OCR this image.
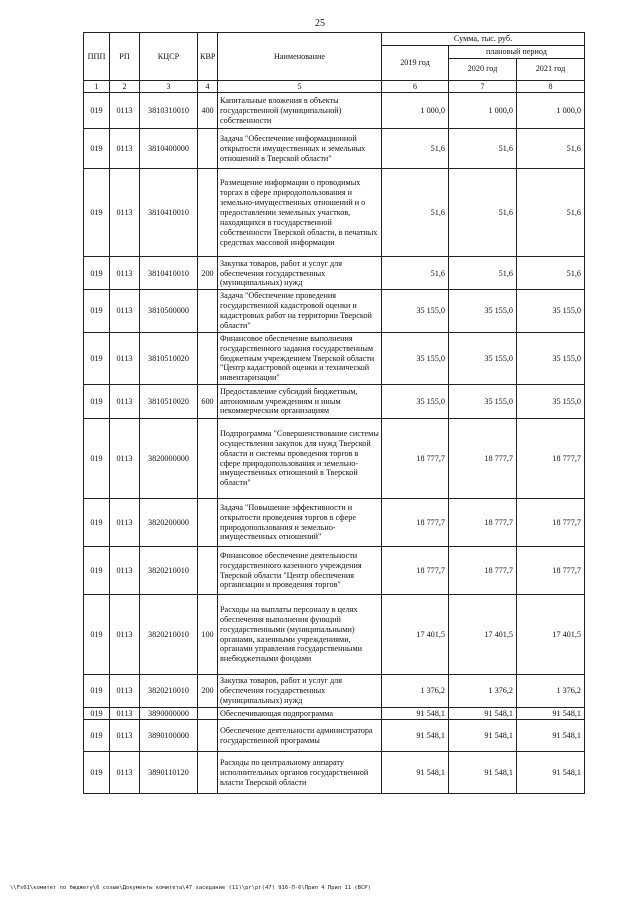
25
ППП	РП	КЦСР	КВР	Наименование	Сумма, тыс. руб.		
					2019 год	плановый период	
						2020 год	2021 год
1	2	3	4	5	6	7	8
019	0113	3810310010	400	Капитальные вложения в объекты государственной (муниципальной) собственности	1 000,0	1 000,0	1 000,0
019	0113	3810400000		Задача "Обеспечение информационной открытости имущественных и земельных отношений в Тверской области"	51,6	51,6	51,6
019	0113	3810410010		Размещение информации о проводимых торгах в сфере природопользования и земельно-имущественных отношений и о предоставлении земельных участков, находящихся в государственной собственности Тверской области, в печатных средствах массовой информации	51,6	51,6	51,6
019	0113	3810410010	200	Закупка товаров, работ и услуг для обеспечения государственных (муниципальных) нужд	51,6	51,6	51,6
019	0113	3810500000		Задача "Обеспечение проведения государственной кадастровой оценки и кадастровых работ на территории Тверской области"	35 155,0	35 155,0	35 155,0
019	0113	3810510020		Финансовое обеспечение выполнения государственного задания государственным бюджетным учреждением Тверской области "Центр кадастровой оценки и технической инвентаризации"	35 155,0	35 155,0	35 155,0
019	0113	3810510020	600	Предоставление субсидий бюджетным, автономным учреждениям и иным некоммерческим организациям	35 155,0	35 155,0	35 155,0
019	0113	3820000000		Подпрограмма "Совершенствование системы осуществления закупок для нужд Тверской области и системы проведения торгов в сфере природопользования и земельно-имущественных отношений в Тверской области"	18 777,7	18 777,7	18 777,7
019	0113	3820200000		Задача "Повышение эффективности и открытости проведения торгов в сфере природопользования и земельно-имущественных отношений"	18 777,7	18 777,7	18 777,7
019	0113	3820210010		Финансовое обеспечение деятельности государственного казенного учреждения Тверской области "Центр обеспечения организации и проведения торгов"	18 777,7	18 777,7	18 777,7
019	0113	3820210010	100	Расходы на выплаты персоналу в целях обеспечения выполнения функций государственными (муниципальными) органами, казенными учреждениями, органами управления государственными внебюджетными фондами	17 401,5	17 401,5	17 401,5
019	0113	3820210010	200	Закупка товаров, работ и услуг для обеспечения государственных (муниципальных) нужд	1 376,2	1 376,2	1 376,2
019	0113	3890000000		Обеспечивающая подпрограмма	91 548,1	91 548,1	91 548,1
019	0113	3890100000		Обеспечение деятельности администратора государственной программы	91 548,1	91 548,1	91 548,1
019	0113	3890110120		Расходы по центральному аппарату исполнительных органов государственной власти Тверской области	91 548,1	91 548,1	91 548,1
\\Fs01\комитет по бюджету\6 созыв\Документы комитета\47 заседание (11)\рг\рг(47) 916-П-6\Прил 4 Прил 11 (ВСР)
